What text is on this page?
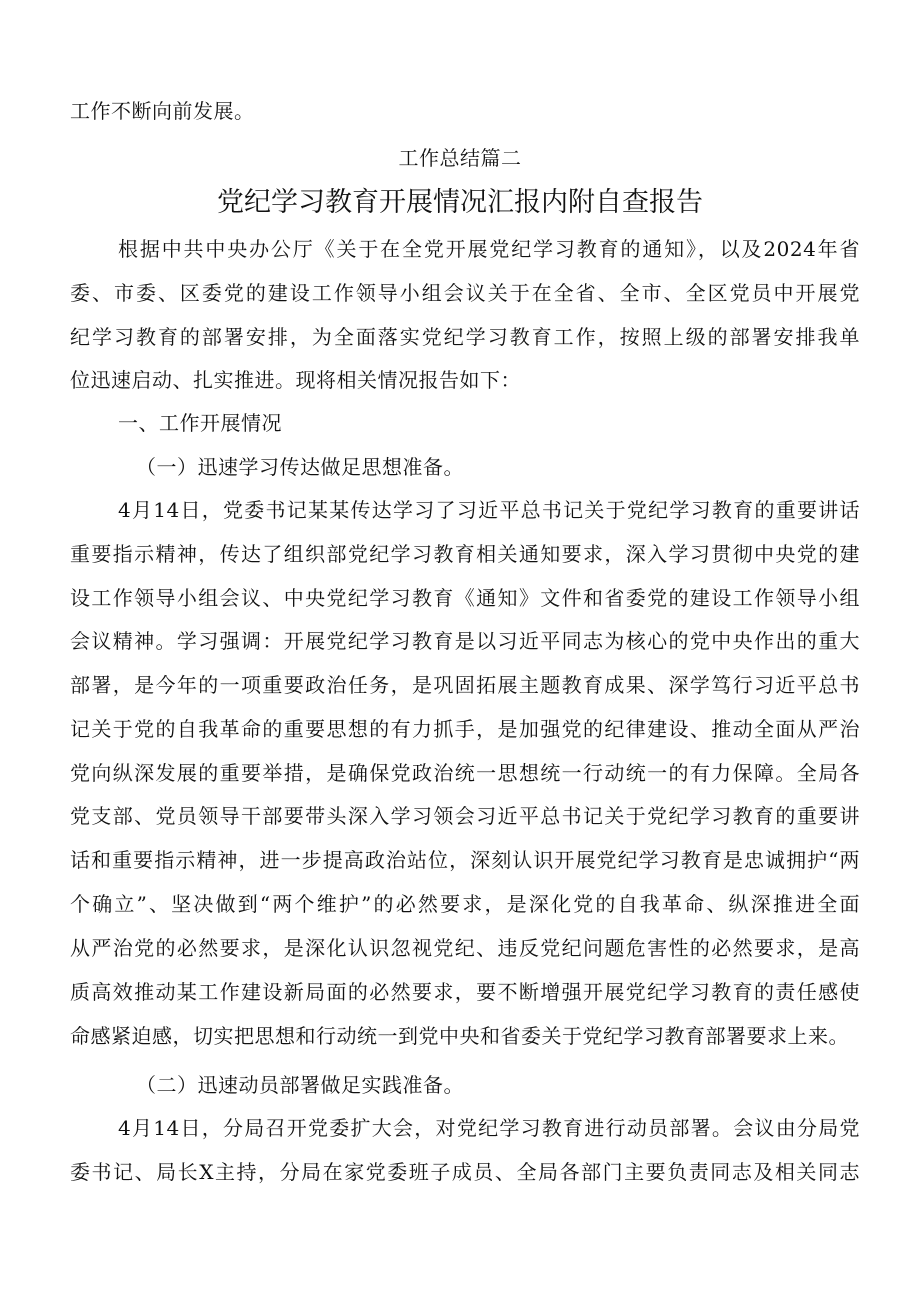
工作不断向前发展。
工作总结篇二
党纪学习教育开展情况汇报内附自查报告
根据中共中央办公厅《关于在全党开展党纪学习教育的通知》，以及2024年省
委、市委、区委党的建设工作领导小组会议关于在全省、全市、全区党员中开展党
纪学习教育的部署安排，为全面落实党纪学习教育工作，按照上级的部署安排我单
位迅速启动、扎实推进。现将相关情况报告如下：
一、工作开展情况
（一）迅速学习传达做足思想准备。
4月14日，党委书记某某传达学习了习近平总书记关于党纪学习教育的重要讲话
重要指示精神，传达了组织部党纪学习教育相关通知要求，深入学习贯彻中央党的建
设工作领导小组会议、中央党纪学习教育《通知》文件和省委党的建设工作领导小组
会议精神。学习强调：开展党纪学习教育是以习近平同志为核心的党中央作出的重大
部署，是今年的一项重要政治任务，是巩固拓展主题教育成果、深学笃行习近平总书
记关于党的自我革命的重要思想的有力抓手，是加强党的纪律建设、推动全面从严治
党向纵深发展的重要举措，是确保党政治统一思想统一行动统一的有力保障。全局各
党支部、党员领导干部要带头深入学习领会习近平总书记关于党纪学习教育的重要讲
话和重要指示精神，进一步提高政治站位，深刻认识开展党纪学习教育是忠诚拥护“两
个确立”、坚决做到“两个维护”的必然要求，是深化党的自我革命、纵深推进全面
从严治党的必然要求，是深化认识忽视党纪、违反党纪问题危害性的必然要求，是高
质高效推动某工作建设新局面的必然要求，要不断增强开展党纪学习教育的责任感使
命感紧迫感，切实把思想和行动统一到党中央和省委关于党纪学习教育部署要求上来。
（二）迅速动员部署做足实践准备。
4月14日，分局召开党委扩大会，对党纪学习教育进行动员部署。会议由分局党
委书记、局长X主持，分局在家党委班子成员、全局各部门主要负责同志及相关同志
